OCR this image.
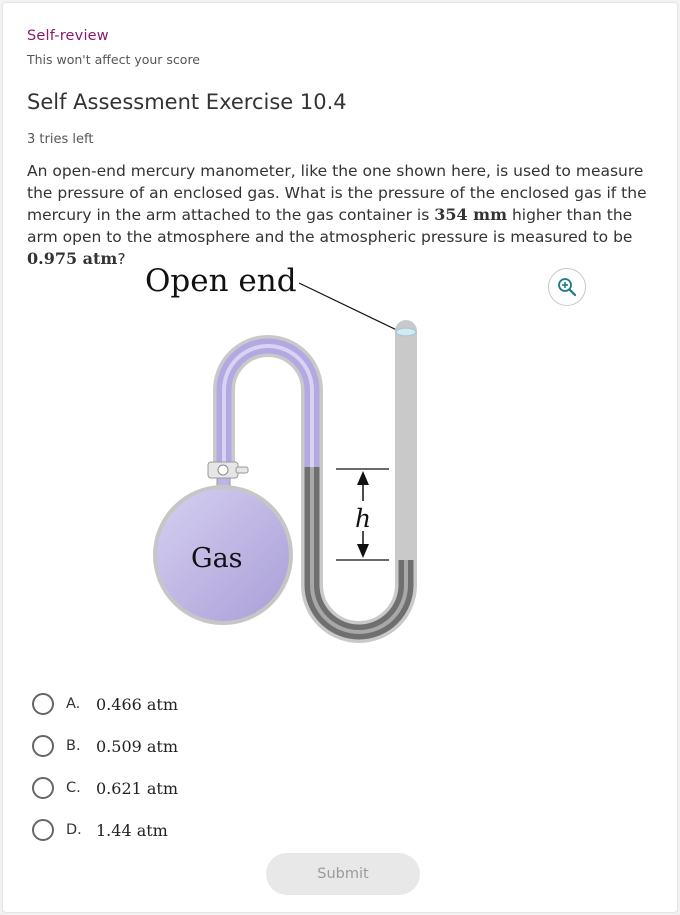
Self-review
This won't affect your score
Self Assessment Exercise 10.4
3 tries left

An open-end mercury manometer, like the one shown here, is used to measure the pressure of an enclosed gas. What is the pressure of the enclosed gas if the mercury in the arm attached to the gas container is 354 mm higher than the arm open to the atmosphere and the atmospheric pressure is measured to be 0.975 atm?

Open end
Gas
h
A. 0.466 atm
B. 0.509 atm
C. 0.621 atm
D. 1.44 atm
Submit
